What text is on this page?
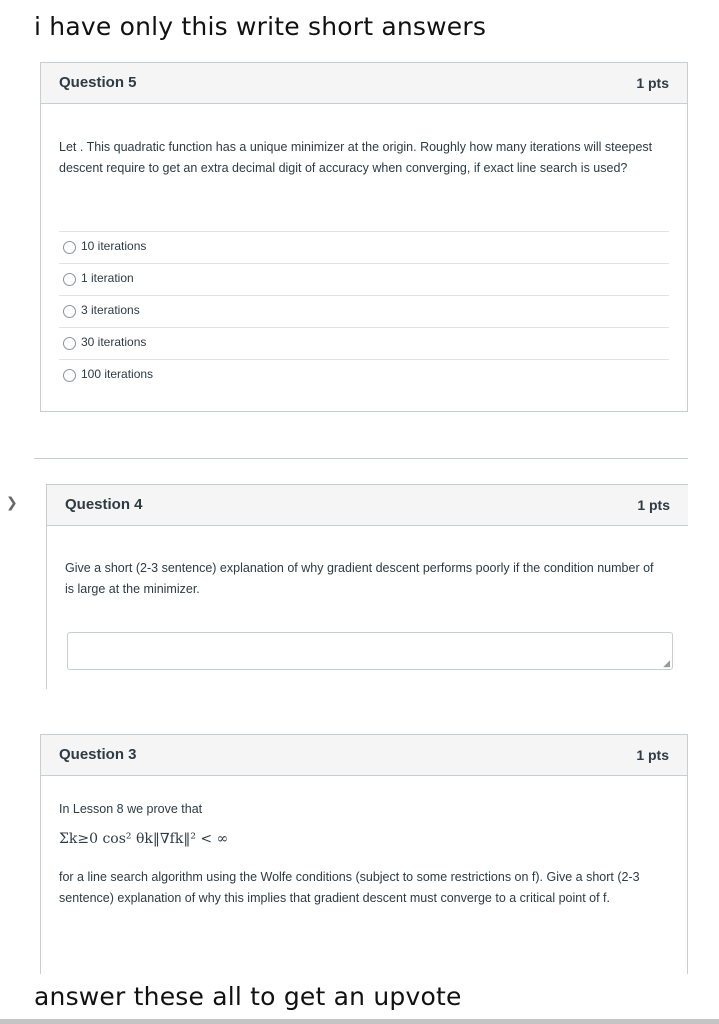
i have only this write short answers
Question 5	1 pts
Let . This quadratic function has a unique minimizer at the origin. Roughly how many iterations will steepest descent require to get an extra decimal digit of accuracy when converging, if exact line search is used?
10 iterations
1 iteration
3 iterations
30 iterations
100 iterations
❯	Question 4	1 pts
Give a short (2-3 sentence) explanation of why gradient descent performs poorly if the condition number of is large at the minimizer.
◢
Question 3	1 pts
In Lesson 8 we prove that
Σk≥0 cos² θk‖∇fk‖² < ∞
for a line search algorithm using the Wolfe conditions (subject to some restrictions on f). Give a short (2-3 sentence) explanation of why this implies that gradient descent must converge to a critical point of f.
answer these all to get an upvote
